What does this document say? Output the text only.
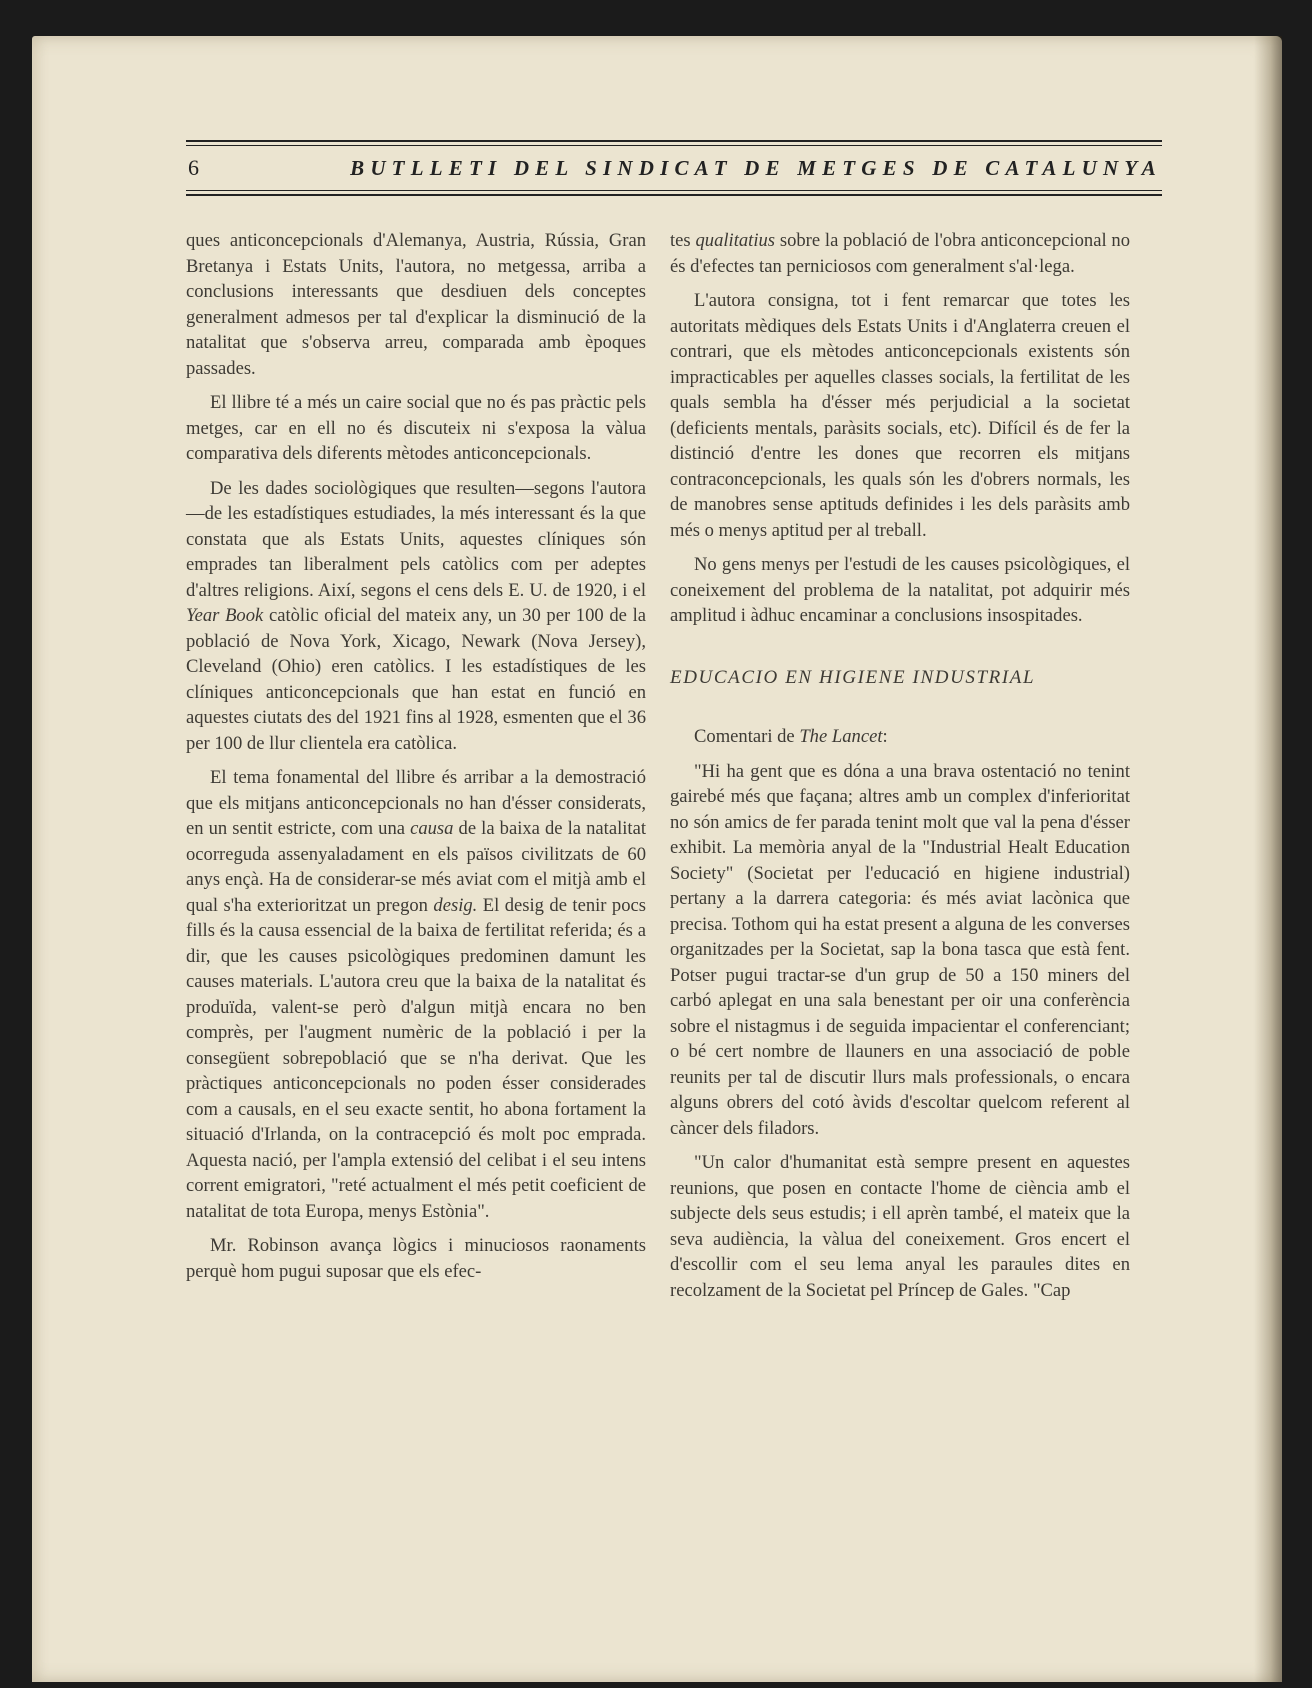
6	BUTLLETI DEL SINDICAT DE METGES DE CATALUNYA

ques anticoncepcionals d'Alemanya, Austria, Rússia, Gran Bretanya i Estats Units, l'autora, no metgessa, arriba a conclusions interessants que desdiuen dels conceptes generalment admesos per tal d'explicar la disminució de la natalitat que s'observa arreu, comparada amb èpoques passades.

El llibre té a més un caire social que no és pas pràctic pels metges, car en ell no és discuteix ni s'exposa la vàlua comparativa dels diferents mètodes anticoncepcionals.

De les dades sociològiques que resulten—segons l'autora—de les estadístiques estudiades, la més interessant és la que constata que als Estats Units, aquestes clíniques són emprades tan liberalment pels catòlics com per adeptes d'altres religions. Així, segons el cens dels E. U. de 1920, i el Year Book catòlic oficial del mateix any, un 30 per 100 de la població de Nova York, Xicago, Newark (Nova Jersey), Cleveland (Ohio) eren catòlics. I les estadístiques de les clíniques anticoncepcionals que han estat en funció en aquestes ciutats des del 1921 fins al 1928, esmenten que el 36 per 100 de llur clientela era catòlica.

El tema fonamental del llibre és arribar a la demostració que els mitjans anticoncepcionals no han d'ésser considerats, en un sentit estricte, com una causa de la baixa de la natalitat ocorreguda assenyaladament en els països civilitzats de 60 anys ençà. Ha de considerar-se més aviat com el mitjà amb el qual s'ha exterioritzat un pregon desig. El desig de tenir pocs fills és la causa essencial de la baixa de fertilitat referida; és a dir, que les causes psicològiques predominen damunt les causes materials. L'autora creu que la baixa de la natalitat és produïda, valent-se però d'algun mitjà encara no ben comprès, per l'augment numèric de la població i per la consegüent sobrepoblació que se n'ha derivat. Que les pràctiques anticoncepcionals no poden ésser considerades com a causals, en el seu exacte sentit, ho abona fortament la situació d'Irlanda, on la contracepció és molt poc emprada. Aquesta nació, per l'ampla extensió del celibat i el seu intens corrent emigratori, "reté actualment el més petit coeficient de natalitat de tota Europa, menys Estònia".

Mr. Robinson avança lògics i minuciosos raonaments perquè hom pugui suposar que els efec-

tes qualitatius sobre la població de l'obra anticoncepcional no és d'efectes tan perniciosos com generalment s'al·lega.

L'autora consigna, tot i fent remarcar que totes les autoritats mèdiques dels Estats Units i d'Anglaterra creuen el contrari, que els mètodes anticoncepcionals existents són impracticables per aquelles classes socials, la fertilitat de les quals sembla ha d'ésser més perjudicial a la societat (deficients mentals, paràsits socials, etc). Difícil és de fer la distinció d'entre les dones que recorren els mitjans contraconcepcionals, les quals són les d'obrers normals, les de manobres sense aptituds definides i les dels paràsits amb més o menys aptitud per al treball.

No gens menys per l'estudi de les causes psicològiques, el coneixement del problema de la natalitat, pot adquirir més amplitud i àdhuc encaminar a conclusions insospitades.

EDUCACIO EN HIGIENE INDUSTRIAL

Comentari de The Lancet:

"Hi ha gent que es dóna a una brava ostentació no tenint gairebé més que façana; altres amb un complex d'inferioritat no són amics de fer parada tenint molt que val la pena d'ésser exhibit. La memòria anyal de la "Industrial Healt Education Society" (Societat per l'educació en higiene industrial) pertany a la darrera categoria: és més aviat lacònica que precisa. Tothom qui ha estat present a alguna de les converses organitzades per la Societat, sap la bona tasca que està fent. Potser pugui tractar-se d'un grup de 50 a 150 miners del carbó aplegat en una sala benestant per oir una conferència sobre el nistagmus i de seguida impacientar el conferenciant; o bé cert nombre de llauners en una associació de poble reunits per tal de discutir llurs mals professionals, o encara alguns obrers del cotó àvids d'escoltar quelcom referent al càncer dels filadors.

"Un calor d'humanitat està sempre present en aquestes reunions, que posen en contacte l'home de ciència amb el subjecte dels seus estudis; i ell aprèn també, el mateix que la seva audiència, la vàlua del coneixement. Gros encert el d'escollir com el seu lema anyal les paraules dites en recolzament de la Societat pel Príncep de Gales. "Cap
